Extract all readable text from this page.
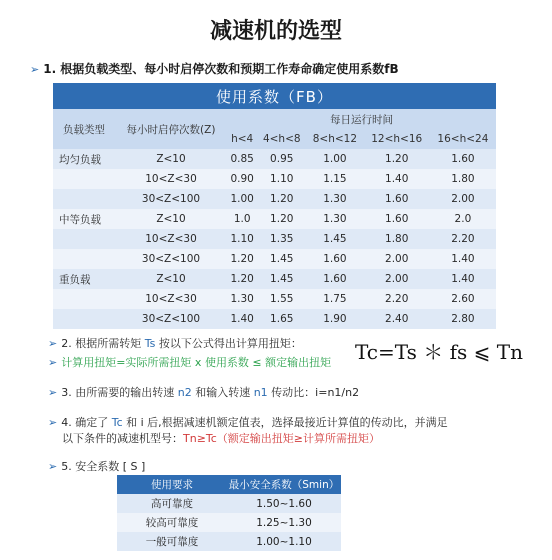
减速机的选型
➢ 1. 根据负载类型、每小时启停次数和预期工作寿命确定使用系数fB
使用系数（FB）						
负载类型	每小时启停次数(Z)	每日运行时间				
		h<4	4<h<8	8<h<12	12<h<16	16<h<24
均匀负载	Z<10	0.85	0.95	1.00	1.20	1.60
	10<Z<30	0.90	1.10	1.15	1.40	1.80
	30<Z<100	1.00	1.20	1.30	1.60	2.00
中等负载	Z<10	1.0	1.20	1.30	1.60	2.0
	10<Z<30	1.10	1.35	1.45	1.80	2.20
	30<Z<100	1.20	1.45	1.60	2.00	1.40
重负载	Z<10	1.20	1.45	1.60	2.00	1.40
	10<Z<30	1.30	1.55	1.75	2.20	2.60
	30<Z<100	1.40	1.65	1.90	2.40	2.80
➢ 2. 根据所需转矩 Ts 按以下公式得出计算用扭矩：	Tc=Ts ＊ fs ⩽ Tn
➢ 计算用扭矩=实际所需扭矩 x 使用系数 ≤ 额定输出扭矩
➢ 3. 由所需要的输出转速 n2 和输入转速 n1 传动比：i=n1/n2
➢ 4. 确定了 Tc 和 i 后,根据减速机额定值表，选择最接近计算值的传动比，并满足
以下条件的减速机型号：Tn≥Tc（额定输出扭矩≥计算所需扭矩）
➢ 5. 安全系数 [ S ]
使用要求	最小安全系数（Smin）
高可靠度	1.50~1.60
较高可靠度	1.25~1.30
一般可靠度	1.00~1.10
